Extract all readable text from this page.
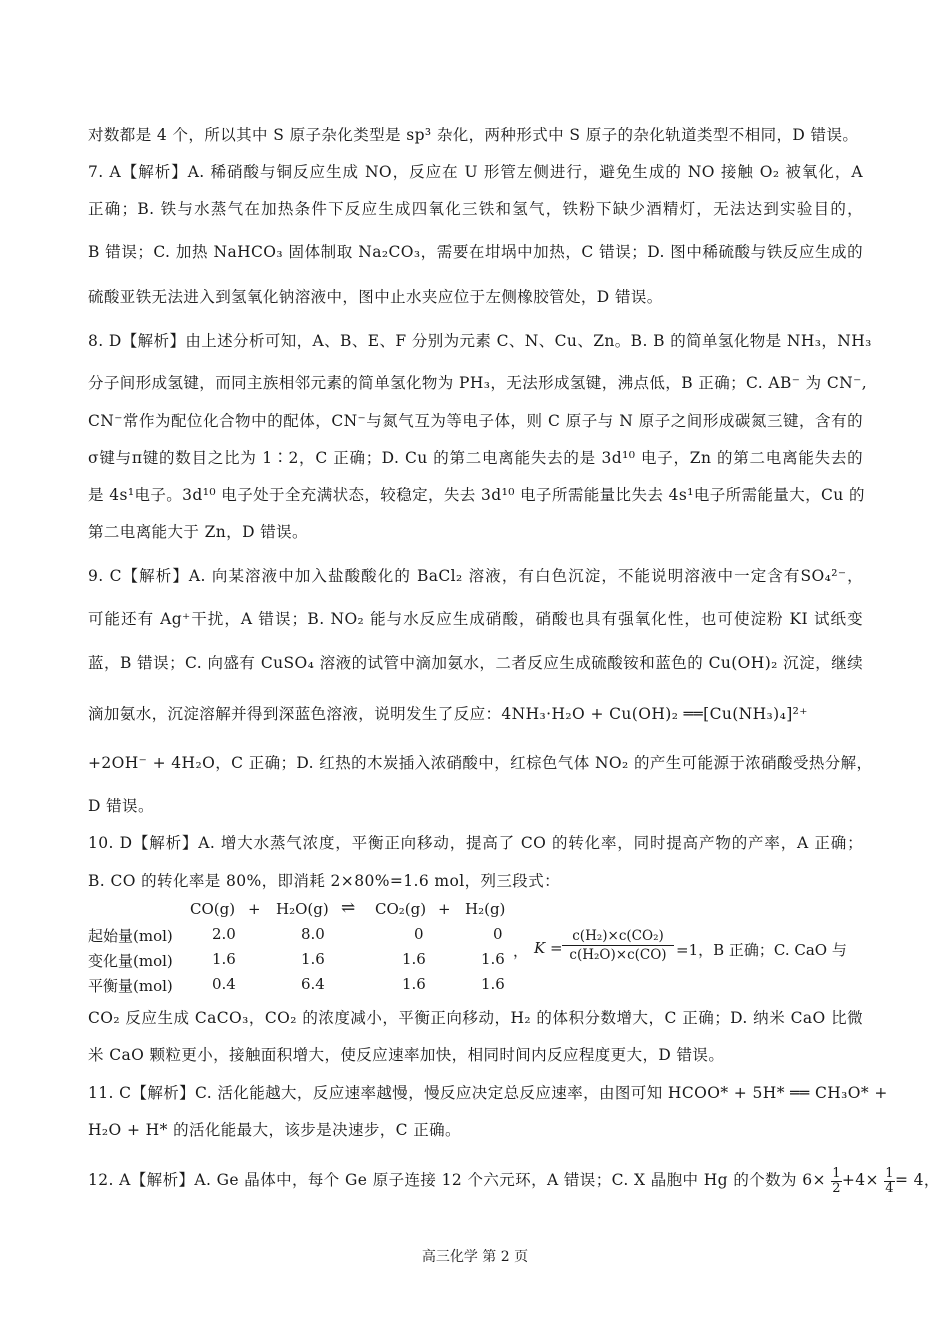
对数都是 4 个，所以其中 S 原子杂化类型是 sp³ 杂化，两种形式中 S 原子的杂化轨道类型不相同，D 错误。
7. A【解析】A. 稀硝酸与铜反应生成 NO，反应在 U 形管左侧进行，避免生成的 NO 接触 O₂ 被氧化，A
正确；B. 铁与水蒸气在加热条件下反应生成四氧化三铁和氢气，铁粉下缺少酒精灯，无法达到实验目的，
B 错误；C. 加热 NaHCO₃ 固体制取 Na₂CO₃，需要在坩埚中加热，C 错误；D. 图中稀硫酸与铁反应生成的
硫酸亚铁无法进入到氢氧化钠溶液中，图中止水夹应位于左侧橡胶管处，D 错误。
8. D【解析】由上述分析可知，A、B、E、F 分别为元素 C、N、Cu、Zn。B. B 的简单氢化物是 NH₃，NH₃
分子间形成氢键，而同主族相邻元素的简单氢化物为 PH₃，无法形成氢键，沸点低，B 正确；C. AB⁻ 为 CN⁻,
CN⁻常作为配位化合物中的配体，CN⁻与氮气互为等电子体，则 C 原子与 N 原子之间形成碳氮三键，含有的
σ键与π键的数目之比为 1∶2，C 正确；D. Cu 的第二电离能失去的是 3d¹⁰ 电子，Zn 的第二电离能失去的
是 4s¹电子。3d¹⁰ 电子处于全充满状态，较稳定，失去 3d¹⁰ 电子所需能量比失去 4s¹电子所需能量大，Cu 的
第二电离能大于 Zn，D 错误。
9. C【解析】A. 向某溶液中加入盐酸酸化的 BaCl₂ 溶液，有白色沉淀，不能说明溶液中一定含有SO₄²⁻，
可能还有 Ag⁺干扰，A 错误；B. NO₂ 能与水反应生成硝酸，硝酸也具有强氧化性，也可使淀粉 KI 试纸变
蓝，B 错误；C. 向盛有 CuSO₄ 溶液的试管中滴加氨水，二者反应生成硫酸铵和蓝色的 Cu(OH)₂ 沉淀，继续
滴加氨水，沉淀溶解并得到深蓝色溶液，说明发生了反应：4NH₃·H₂O + Cu(OH)₂ ══[Cu(NH₃)₄]²⁺
+2OH⁻ + 4H₂O，C 正确；D. 红热的木炭插入浓硝酸中，红棕色气体 NO₂ 的产生可能源于浓硝酸受热分解，
D 错误。
10. D【解析】A. 增大水蒸气浓度，平衡正向移动，提高了 CO 的转化率，同时提高产物的产率，A 正确；
B. CO 的转化率是 80%，即消耗 2×80%=1.6 mol，列三段式：
CO(g) + H₂O(g) ⇌ CO₂(g) + H₂(g)
起始量(mol)	2.0	8.0	0	0
变化量(mol)	1.6	1.6	1.6	1.6
平衡量(mol)	0.4	6.4	1.6	1.6
， $K = \frac{\text{c(H₂)×c(CO₂)}}{\text{c(H₂O)×c(CO)}} =1$，B 正确；C. CaO 与
CO₂ 反应生成 CaCO₃，CO₂ 的浓度减小，平衡正向移动，H₂ 的体积分数增大，C 正确；D. 纳米 CaO 比微
米 CaO 颗粒更小，接触面积增大，使反应速率加快，相同时间内反应程度更大，D 错误。
11. C【解析】C. 活化能越大，反应速率越慢，慢反应决定总反应速率，由图可知 HCOO* + 5H* ══ CH₃O* +
H₂O + H* 的活化能最大，该步是决速步，C 正确。
12. A【解析】A. Ge 晶体中，每个 Ge 原子连接 12 个六元环，A 错误；C. X 晶胞中 Hg 的个数为 $6\times \frac{1}{2} +4\times \frac{1}{4} = 4$，
高三化学 第 2 页
